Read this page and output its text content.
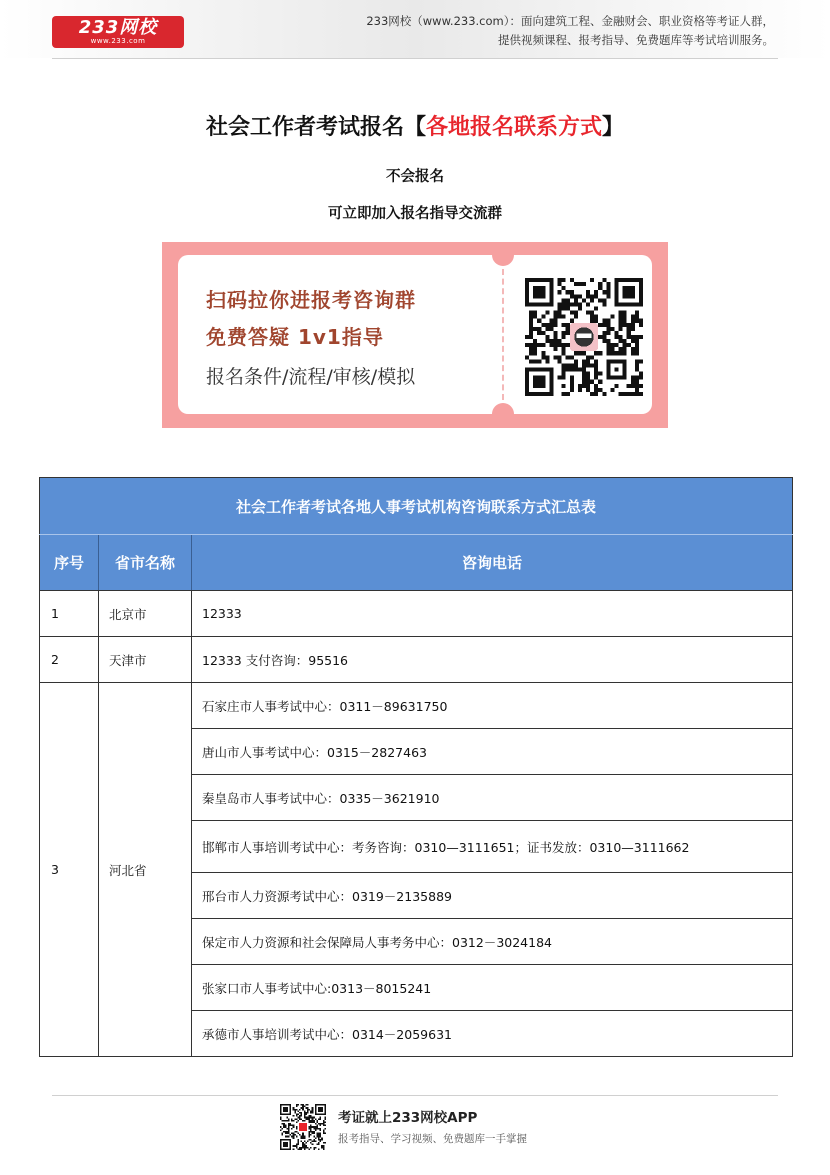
233网校
www.233.com
233网校（www.233.com）：面向建筑工程、金融财会、职业资格等考证人群，
提供视频课程、报考指导、免费题库等考试培训服务。
社会工作者考试报名【各地报名联系方式】
不会报名
可立即加入报名指导交流群
扫码拉你进报考咨询群
免费答疑 1v1指导
报名条件/流程/审核/模拟
社会工作者考试各地人事考试机构咨询联系方式汇总表		
序号	省市名称	咨询电话
1	北京市	12333
2	天津市	12333 支付咨询：95516
3	河北省	石家庄市人事考试中心：0311－89631750
		唐山市人事考试中心：0315－2827463
		秦皇岛市人事考试中心：0335－3621910
		邯郸市人事培训考试中心：考务咨询：0310—3111651；证书发放：0310—3111662
		邢台市人力资源考试中心：0319－2135889
		保定市人力资源和社会保障局人事考务中心：0312－3024184
		张家口市人事考试中心:0313－8015241
		承德市人事培训考试中心：0314－2059631
考证就上233网校APP
报考指导、学习视频、免费题库一手掌握
